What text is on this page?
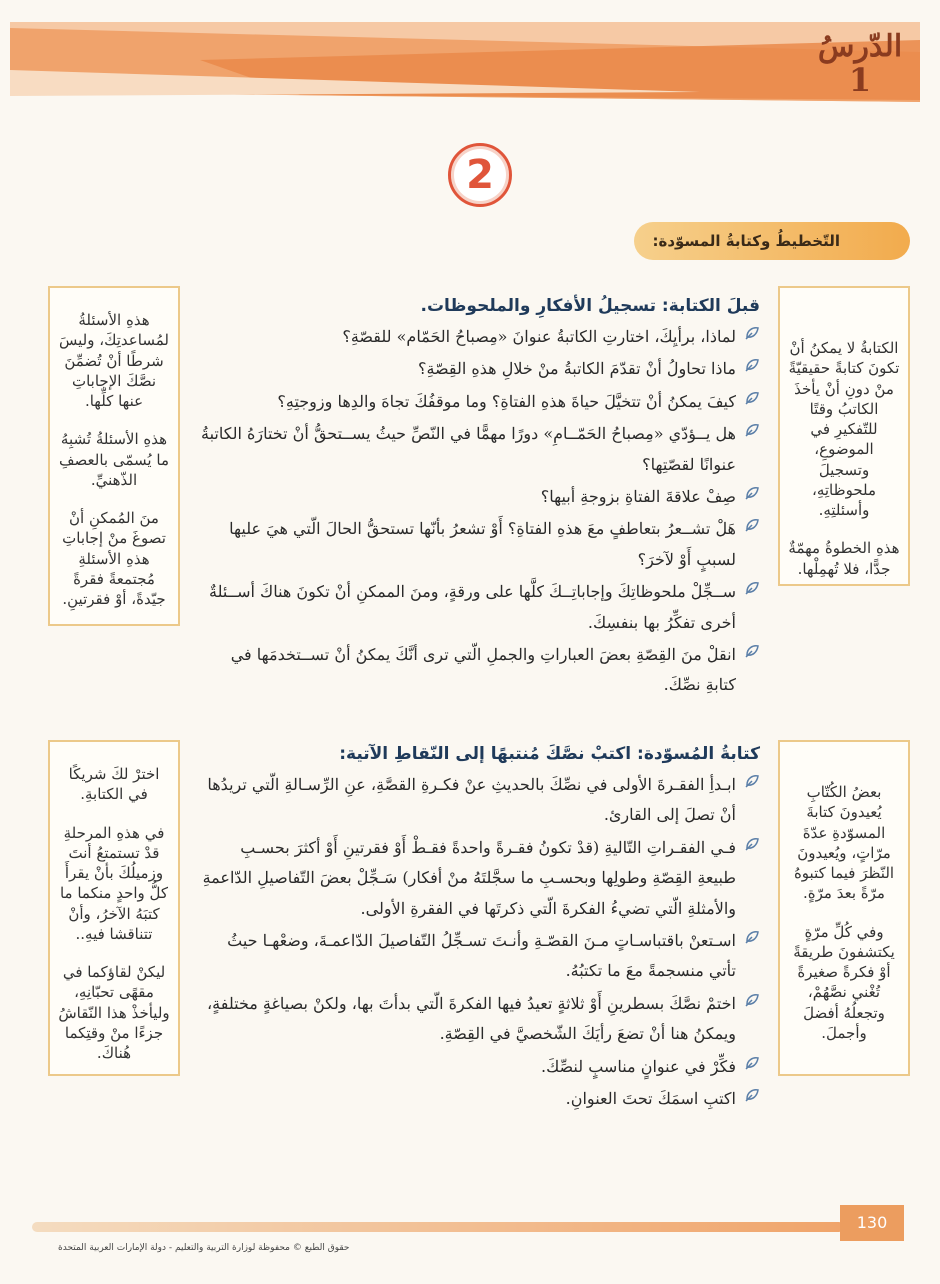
الدّرسُ
1
2
التّخطيطُ وكتابةُ المسوّدة:

الكتابةُ لا يمكنُ أنْ تكونَ كتابةً حقيقيّةً منْ دونِ أنْ يأخذَ الكاتبُ وقتًا للتّفكيرِ في الموضوعِ، وتسجيلَ ملحوظاتِهِ، وأسئلتِهِ.

هذهِ الخطوةُ مهمّةٌ جدًّا، فلا تُهمِلْها.

هذهِ الأسئلةُ لمُساعدتِكَ، وليسَ شرطًا أنْ تُضمِّنَ نصَّكَ الإجاباتِ عنها كلِّها.

هذهِ الأسئلةُ تُشبِهُ ما يُسمّى بالعصفِ الذّهنيِّ.

منَ المُمكنِ أنْ تصوغَ منْ إجاباتِ هذهِ الأسئلةِ مُجتمعةً فقرةً جيّدةً، أوْ فقرتينِ.

قبلَ الكتابة: تسجيلُ الأفكارِ والملحوظات.
لماذا، برأيِكَ، اختارتِ الكاتبةُ عنوانَ «مِصباحُ الحَمّام» للقصّةِ؟
ماذا تحاولُ أنْ تقدّمَ الكاتبةُ منْ خلالِ هذهِ القِصّةِ؟
كيفَ يمكنُ أنْ تتخيَّلَ حياةَ هذهِ الفتاةِ؟ وما موقفُكَ تجاهَ والدِها وزوجتِهِ؟
هل يــؤدّي «مِصباحُ الحَمّــامِ» دورًا مهمًّا في النّصِّ حيثُ يســتحقُّ أنْ تختارَهُ الكاتبةُ عنوانًا لقصّتِها؟
صِفْ علاقةَ الفتاةِ بزوجةِ أبيها؟
هَلْ تشــعرُ بتعاطفٍ معَ هذهِ الفتاةِ؟ أَوْ تشعرُ بأنّها تستحقُّ الحالَ الّتي هيَ عليها لسببٍ أَوْ لآخرَ؟
ســجِّلْ ملحوظاتِكَ وإجاباتِــكَ كلَّها على ورقةٍ، ومنَ الممكنِ أنْ تكونَ هناكَ أســئلةٌ أخرى تفكِّرُ بها بنفسِكَ.
انقلْ منَ القِصّةِ بعضَ العباراتِ والجملِ الّتي ترى أنَّكَ يمكنُ أنْ تســتخدمَها في كتابةِ نصِّكَ.

بعضُ الكُتّابِ يُعيدونَ كتابةَ المسوّدةِ عدّةَ مرّاتٍ، ويُعيدونَ النّظرَ فيما كتبوهُ مرّةً بعدَ مرّةٍ.

وفي كُلِّ مرّةٍ يكتشفونَ طريقةً أوْ فكرةً صغيرةً تُغْني نصَّهُمْ، وتجعلُهُ أفضلَ وأجملَ.

اخترْ لكَ شريكًا في الكتابةِ.

في هذهِ المرحلةِ قدْ تستمتعُ أنتَ وزميلُكَ بأنْ يقرأَ كلُّ واحدٍ منكما ما كتبَهُ الآخرُ، وأنْ تتناقشا فيهِ..

ليكنْ لقاؤكما في مقهًى تحبّانِهِ، وليأخذْ هذا النّقاشُ جزءًا منْ وقتِكما هُناكَ.

كتابةُ المُسوّدة: اكتبْ نصَّكَ مُنتبهًا إلى النّقاطِ الآتية:
ابـدأِ الفقـرةَ الأولى في نصِّكَ بالحديثِ عنْ فكـرةِ القصَّةِ، عنِ الرِّسـالةِ الّتي تريدُها أنْ تصلَ إلى القارئ.
فـي الفقـراتِ التّاليةِ (قدْ تكونُ فقـرةً واحدةً فقـطْ أَوْ فقرتينِ أَوْ أكثرَ بحسـبِ طبيعةِ القِصّةِ وطولِها وبحسـبِ ما سجَّلتَهُ منْ أفكار) سَـجِّلْ بعضَ التّفاصيلِ الدّاعمةِ والأمثلةِ الّتي تضيءُ الفكرةَ الّتي ذكرتَها في الفقرةِ الأولى.
اسـتعنْ باقتباسـاتٍ مـنَ القصّـةِ وأنـتَ تسـجِّلُ التّفاصيلَ الدّاعمـةَ، وضعْهـا حيثُ تأتي منسجمةً معَ ما تكتبُهُ.
اختمْ نصَّكَ بسطرينِ أَوْ ثلاثةٍ تعيدُ فيها الفكرةَ الّتي بدأتَ بها، ولكنْ بصياغةٍ مختلفةٍ، ويمكنُ هنا أنْ تضعَ رأيَكَ الشّخصيَّ في القِصّةِ.
فكِّرْ في عنوانٍ مناسبٍ لنصِّكَ.
اكتبِ اسمَكَ تحتَ العنوانِ.
130
حقوق الطبع © محفوظة لوزارة التربية والتعليم - دولة الإمارات العربية المتحدة
